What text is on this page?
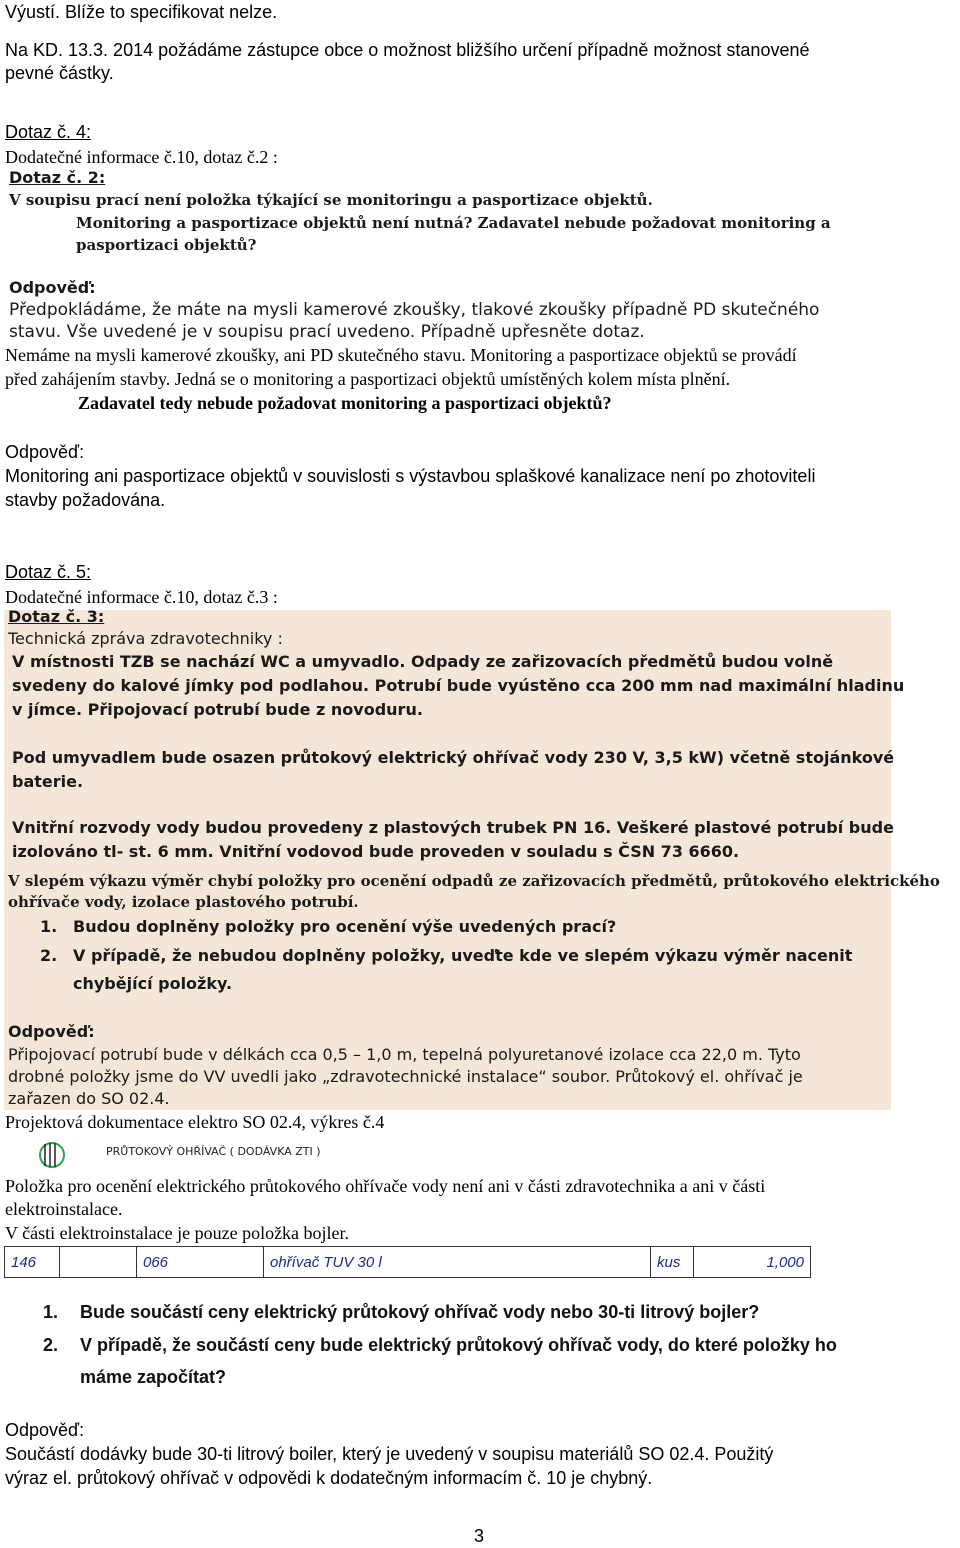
Výustí. Blíže to specifikovat nelze.
Na KD. 13.3. 2014 požádáme zástupce obce o možnost bližšího určení případně možnost stanovené
pevné částky.
Dotaz č. 4:
Dodatečné informace č.10, dotaz č.2 :
Dotaz č. 2:
V soupisu prací není položka týkající se monitoringu a pasportizace objektů.
Monitoring a pasportizace objektů není nutná? Zadavatel nebude požadovat monitoring a
pasportizaci objektů?
Odpověď:
Předpokládáme, že máte na mysli kamerové zkoušky, tlakové zkoušky případně PD skutečného
stavu. Vše uvedené je v soupisu prací uvedeno. Případně upřesněte dotaz.
Nemáme na mysli kamerové zkoušky, ani PD skutečného stavu. Monitoring a pasportizace objektů se provádí
před zahájením stavby. Jedná se o monitoring a pasportizaci objektů umístěných kolem místa plnění.
Zadavatel tedy nebude požadovat monitoring a pasportizaci objektů?
Odpověď:
Monitoring ani pasportizace objektů v souvislosti s výstavbou splaškové kanalizace není po zhotoviteli
stavby požadována.
Dotaz č. 5:
Dodatečné informace č.10, dotaz č.3 :
Dotaz č. 3:
Technická zpráva zdravotechniky :
V místnosti TZB se nachází WC a umyvadlo. Odpady ze zařizovacích předmětů budou volně
svedeny do kalové jímky pod podlahou. Potrubí bude vyústěno cca 200 mm nad maximální hladinu
v jímce. Připojovací potrubí bude z novoduru.
Pod umyvadlem bude osazen průtokový elektrický ohřívač vody 230 V, 3,5 kW) včetně stojánkové
baterie.
Vnitřní rozvody vody budou provedeny z plastových trubek PN 16. Veškeré plastové potrubí bude
izolováno tl- st. 6 mm. Vnitřní vodovod bude proveden v souladu s ČSN 73 6660.
V slepém výkazu výměr chybí položky pro ocenění odpadů ze zařizovacích předmětů, průtokového elektrického
ohřívače vody, izolace plastového potrubí.
1. Budou doplněny položky pro ocenění výše uvedených prací?
2. V případě, že nebudou doplněny položky, uveďte kde ve slepém výkazu výměr nacenit
chybějící položky.
Odpověď:
Připojovací potrubí bude v délkách cca 0,5 – 1,0 m, tepelná polyuretanové izolace cca 22,0 m. Tyto
drobné položky jsme do VV uvedli jako „zdravotechnické instalace“ soubor. Průtokový el. ohřívač je
zařazen do SO 02.4.
Projektová dokumentace elektro SO 02.4, výkres č.4
PRŮTOKOVÝ OHŘÍVAČ ( DODÁVKA ZTI )
Položka pro ocenění elektrického průtokového ohřívače vody není ani v části zdravotechnika a ani v části
elektroinstalace.
V části elektroinstalace je pouze položka bojler.
146		066	ohřívač TUV 30 l	kus	1,000
1. Bude součástí ceny elektrický průtokový ohřívač vody nebo 30-ti litrový bojler?
2. V případě, že součástí ceny bude elektrický průtokový ohřívač vody, do které položky ho
máme započítat?
Odpověď:
Součástí dodávky bude 30-ti litrový boiler, který je uvedený v soupisu materiálů SO 02.4. Použitý
výraz el. průtokový ohřívač v odpovědi k dodatečným informacím č. 10 je chybný.
3
